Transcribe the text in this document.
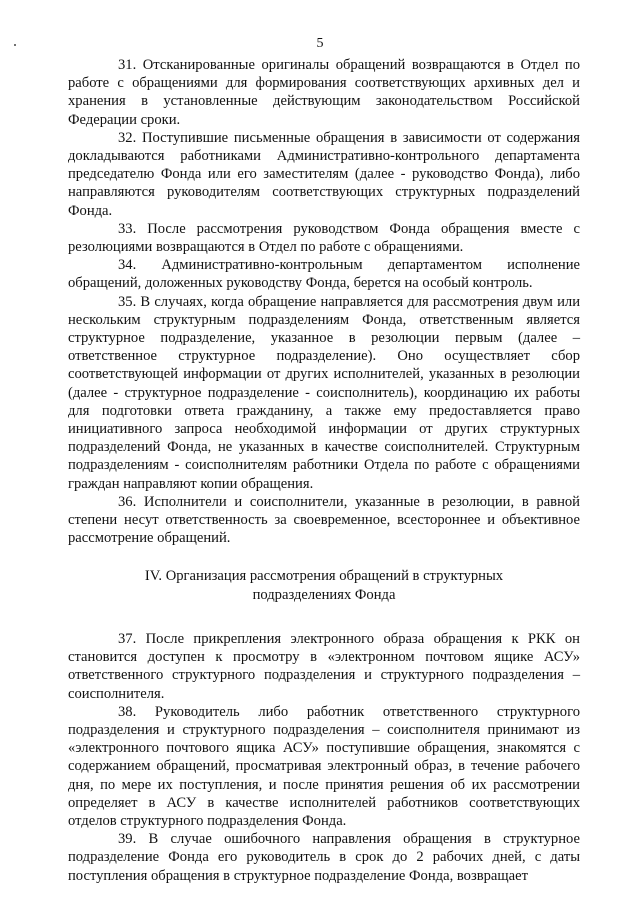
5

31. Отсканированные оригиналы обращений возвращаются в Отдел по работе с обращениями для формирования соответствующих архивных дел и хранения в установленные действующим законодательством Российской Федерации сроки.

32. Поступившие письменные обращения в зависимости от содержания докладываются работниками Административно-контрольного департамента председателю Фонда или его заместителям (далее - руководство Фонда), либо направляются руководителям соответствующих структурных подразделений Фонда.

33. После рассмотрения руководством Фонда обращения вместе с резолюциями возвращаются в Отдел по работе с обращениями.

34. Административно-контрольным департаментом исполнение обращений, доложенных руководству Фонда, берется на особый контроль.

35. В случаях, когда обращение направляется для рассмотрения двум или нескольким структурным подразделениям Фонда, ответственным является структурное подразделение, указанное в резолюции первым (далее – ответственное структурное подразделение). Оно осуществляет сбор соответствующей информации от других исполнителей, указанных в резолюции (далее - структурное подразделение - соисполнитель), координацию их работы для подготовки ответа гражданину, а также ему предоставляется право инициативного запроса необходимой информации от других структурных подразделений Фонда, не указанных в качестве соисполнителей. Структурным подразделениям - соисполнителям работники Отдела по работе с обращениями граждан направляют копии обращения.

36. Исполнители и соисполнители, указанные в резолюции, в равной степени несут ответственность за своевременное, всестороннее и объективное рассмотрение обращений.

IV. Организация рассмотрения обращений в структурных подразделениях Фонда

37. После прикрепления электронного образа обращения к РКК он становится доступен к просмотру в «электронном почтовом ящике АСУ» ответственного структурного подразделения и структурного подразделения – соисполнителя.

38. Руководитель либо работник ответственного структурного подразделения и структурного подразделения – соисполнителя принимают из «электронного почтового ящика АСУ» поступившие обращения, знакомятся с содержанием обращений, просматривая электронный образ, в течение рабочего дня, по мере их поступления, и после принятия решения об их рассмотрении определяет в АСУ в качестве исполнителей работников соответствующих отделов структурного подразделения Фонда.

39. В случае ошибочного направления обращения в структурное подразделение Фонда его руководитель в срок до 2 рабочих дней, с даты поступления обращения в структурное подразделение Фонда, возвращает
